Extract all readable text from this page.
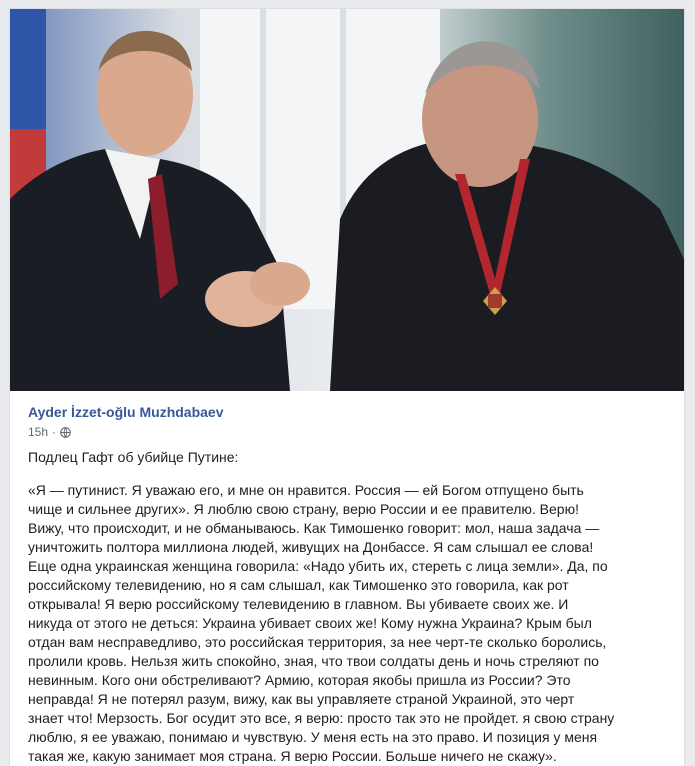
Ayder İzzet-oğlu Muzhdabaev
15h ·

Подлец Гафт об убийце Путине:

«Я — путинист. Я уважаю его, и мне он нравится. Россия — ей Богом отпущено быть
чище и сильнее других». Я люблю свою страну, верю России и ее правителю. Верю!
Вижу, что происходит, и не обманываюсь. Как Тимошенко говорит: мол, наша задача —
уничтожить полтора миллиона людей, живущих на Донбассе. Я сам слышал ее слова!
Еще одна украинская женщина говорила: «Надо убить их, стереть с лица земли». Да, по
российскому телевидению, но я сам слышал, как Тимошенко это говорила, как рот
открывала! Я верю российскому телевидению в главном. Вы убиваете своих же. И
никуда от этого не деться: Украина убивает своих же! Кому нужна Украина? Крым был
отдан вам несправедливо, это российская территория, за нее черт-те сколько боролись,
пролили кровь. Нельзя жить спокойно, зная, что твои солдаты день и ночь стреляют по
невинным. Кого они обстреливают? Армию, которая якобы пришла из России? Это
неправда! Я не потерял разум, вижу, как вы управляете страной Украиной, это черт
знает что! Мерзость. Бог осудит это все, я верю: просто так это не пройдет. я свою страну
люблю, я ее уважаю, понимаю и чувствую. У меня есть на это право. И позиция у меня
такая же, какую занимает моя страна. Я верю России. Больше ничего не скажу».
